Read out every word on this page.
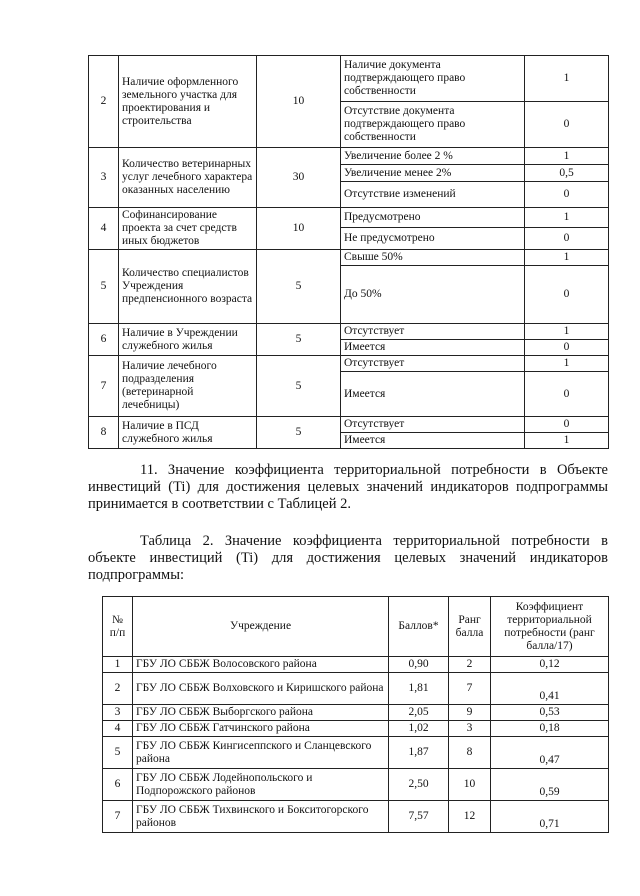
2	Наличие оформленного земельного участка для проектирования и строительства	10	Наличие документа подтверждающего право собственности	1
			Отсутствие документа подтверждающего право собственности	0
3	Количество ветеринарных услуг лечебного характера оказанных населению	30	Увеличение более 2 %	1
			Увеличение менее 2%	0,5
			Отсутствие изменений	0
4	Софинансирование проекта за счет средств иных бюджетов	10	Предусмотрено	1
			Не предусмотрено	0
5	Количество специалистов Учреждения предпенсионного возраста	5	Свыше 50%	1
			До 50%	0
6	Наличие в Учреждении служебного жилья	5	Отсутствует	1
			Имеется	0
7	Наличие лечебного подразделения (ветеринарной лечебницы)	5	Отсутствует	1
			Имеется	0
8	Наличие в ПСД служебного жилья	5	Отсутствует	0
			Имеется	1

11. Значение коэффициента территориальной потребности в Объекте инвестиций (Ti) для достижения целевых значений индикаторов подпрограммы принимается в соответствии с Таблицей 2.

Таблица 2. Значение коэффициента территориальной потребности в объекте инвестиций (Ti) для достижения целевых значений индикаторов подпрограммы:

№ п/п	Учреждение	Баллов*	Ранг балла	Коэффициент территориальной потребности (ранг балла/17)
1	ГБУ ЛО СББЖ Волосовского района	0,90	2	0,12
2	ГБУ ЛО СББЖ Волховского и Киришского района	1,81	7	0,41
3	ГБУ ЛО СББЖ Выборгского района	2,05	9	0,53
4	ГБУ ЛО СББЖ Гатчинского района	1,02	3	0,18
5	ГБУ ЛО СББЖ Кингисеппского и Сланцевского района	1,87	8	0,47
6	ГБУ ЛО СББЖ Лодейнопольского и Подпорожского районов	2,50	10	0,59
7	ГБУ ЛО СББЖ Тихвинского и Бокситогорского районов	7,57	12	0,71
